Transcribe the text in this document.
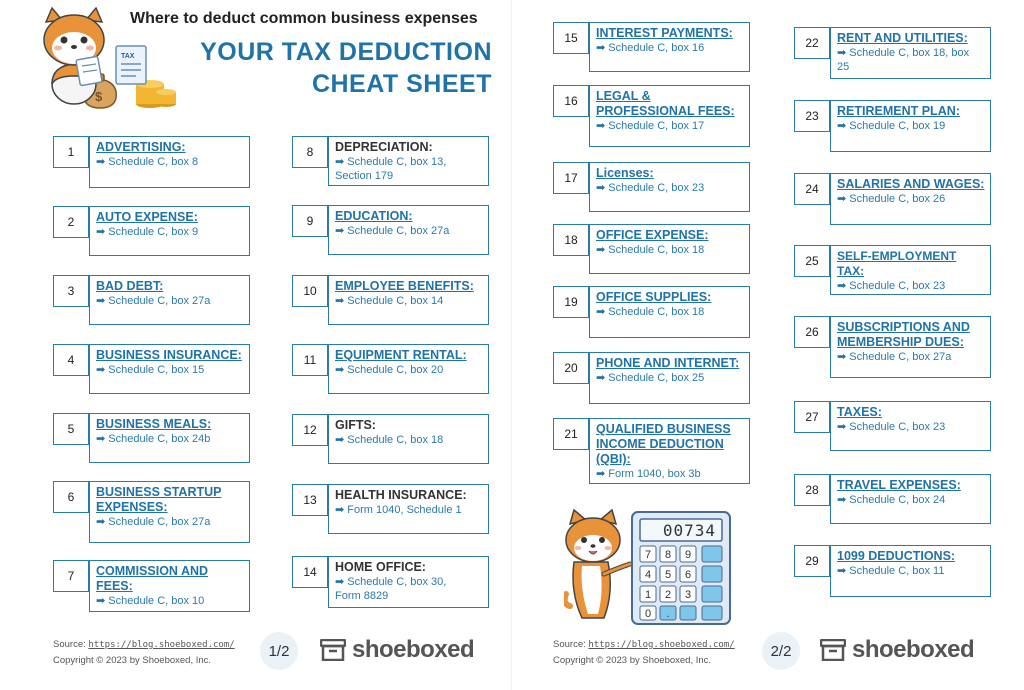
TAX
$
Where to deduct common business expenses
YOUR TAX DEDUCTION
CHEAT SHEET
1	ADVERTISING:
➡ Schedule C, box 8
2	AUTO EXPENSE:
➡ Schedule C, box 9
3	BAD DEBT:
➡ Schedule C, box 27a
4	BUSINESS INSURANCE:
➡ Schedule C, box 15
5	BUSINESS MEALS:
➡ Schedule C, box 24b
6	BUSINESS STARTUP
EXPENSES:
➡ Schedule C, box 27a
7	COMMISSION AND
FEES:
➡ Schedule C, box 10
8	DEPRECIATION:
➡ Schedule C, box 13,
Section 179
9	EDUCATION:
➡ Schedule C, box 27a
10	EMPLOYEE BENEFITS:
➡ Schedule C, box 14
11	EQUIPMENT RENTAL:
➡ Schedule C, box 20
12	GIFTS:
➡ Schedule C, box 18
13	HEALTH INSURANCE:
➡ Form 1040, Schedule 1
14	HOME OFFICE:
➡ Schedule C, box 30,
Form 8829
Source: https://blog.shoeboxed.com/
Copyright © 2023 by Shoeboxed, Inc.
1/2	shoeboxed
15	INTEREST PAYMENTS:
➡ Schedule C, box 16
16	LEGAL &
PROFESSIONAL FEES:
➡ Schedule C, box 17
17	Licenses:
➡ Schedule C, box 23
18	OFFICE EXPENSE:
➡ Schedule C, box 18
19	OFFICE SUPPLIES:
➡ Schedule C, box 18
20	PHONE AND INTERNET:
➡ Schedule C, box 25
21	QUALIFIED BUSINESS
INCOME DEDUCTION
(QBI):
➡ Form 1040, box 3b
00734
7 8 9
4 5 6
1 2 3
0 .
22	RENT AND UTILITIES:
➡ Schedule C, box 18, box
25
23	RETIREMENT PLAN:
➡ Schedule C, box 19
24	SALARIES AND WAGES:
➡ Schedule C, box 26
25	SELF-EMPLOYMENT TAX:
➡ Schedule C, box 23
26	SUBSCRIPTIONS AND
MEMBERSHIP DUES:
➡ Schedule C, box 27a
27	TAXES:
➡ Schedule C, box 23
28	TRAVEL EXPENSES:
➡ Schedule C, box 24
29	1099 DEDUCTIONS:
➡ Schedule C, box 11
Source: https://blog.shoeboxed.com/
Copyright © 2023 by Shoeboxed, Inc.
2/2	shoeboxed
